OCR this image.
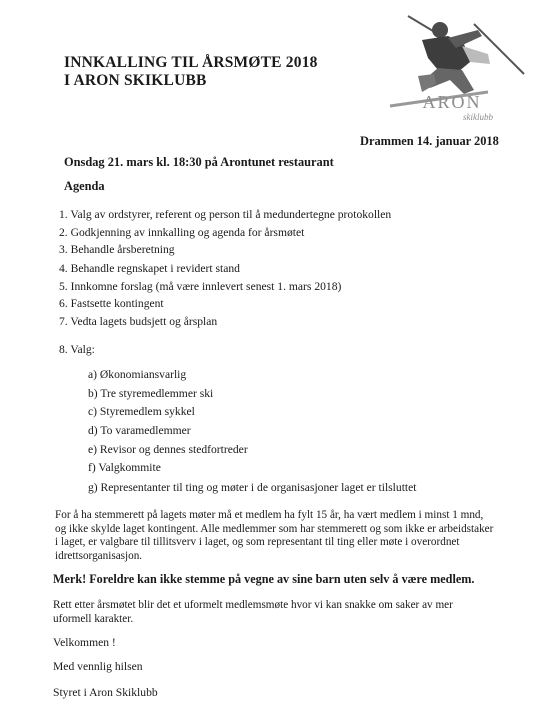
INNKALLING TIL ÅRSMØTE 2018
I ARON SKIKLUBB
ARON
skiklubb
Drammen 14. januar 2018
Onsdag 21. mars kl. 18:30 på Arontunet restaurant
Agenda
1. Valg av ordstyrer, referent og person til å medundertegne protokollen
2. Godkjenning av innkalling og agenda for årsmøtet
3. Behandle årsberetning
4. Behandle regnskapet i revidert stand
5. Innkomne forslag (må være innlevert senest 1. mars 2018)
6. Fastsette kontingent
7. Vedta lagets budsjett og årsplan
8. Valg:
a) Økonomiansvarlig
b) Tre styremedlemmer ski
c) Styremedlem sykkel
d) To varamedlemmer
e) Revisor og dennes stedfortreder
f) Valgkommite
g) Representanter til ting og møter i de organisasjoner laget er tilsluttet
For å ha stemmerett på lagets møter må et medlem ha fylt 15 år, ha vært medlem i minst 1 mnd, og ikke skylde laget kontingent. Alle medlemmer som har stemmerett og som ikke er arbeidstaker i laget, er valgbare til tillitsverv i laget, og som representant til ting eller møte i overordnet idrettsorganisasjon.
Merk! Foreldre kan ikke stemme på vegne av sine barn uten selv å være medlem.
Rett etter årsmøtet blir det et uformelt medlemsmøte hvor vi kan snakke om saker av mer uformell karakter.
Velkommen !
Med vennlig hilsen
Styret i Aron Skiklubb
